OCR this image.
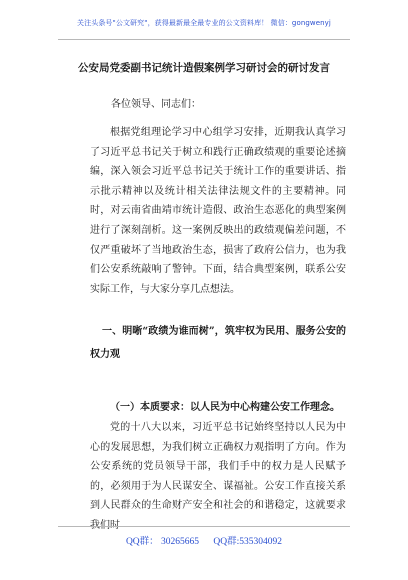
关注头条号"公文研究"，获得最新最全最专业的公文资料库！ 微信：gongwenyj
公安局党委副书记统计造假案例学习研讨会的研讨发言
各位领导、同志们：

根据党组理论学习中心组学习安排，近期我认真学习了习近平总书记关于树立和践行正确政绩观的重要论述摘编，深入领会习近平总书记关于统计工作的重要讲话、指示批示精神以及统计相关法律法规文件的主要精神。同时，对云南省曲靖市统计造假、政治生态恶化的典型案例进行了深刻剖析。这一案例反映出的政绩观偏差问题，不仅严重破坏了当地政治生态，损害了政府公信力，也为我们公安系统敲响了警钟。下面，结合典型案例，联系公安实际工作，与大家分享几点想法。

一、明晰“政绩为谁而树”，筑牢权为民用、服务公安的权力观

（一）本质要求：以人民为中心构建公安工作理念。

党的十八大以来，习近平总书记始终坚持以人民为中心的发展思想，为我们树立正确权力观指明了方向。作为公安系统的党员领导干部，我们手中的权力是人民赋予的，必须用于为人民谋安全、谋福祉。公安工作直接关系到人民群众的生命财产安全和社会的和谐稳定，这就要求

QQ群： 30265665 QQ群:535304092
